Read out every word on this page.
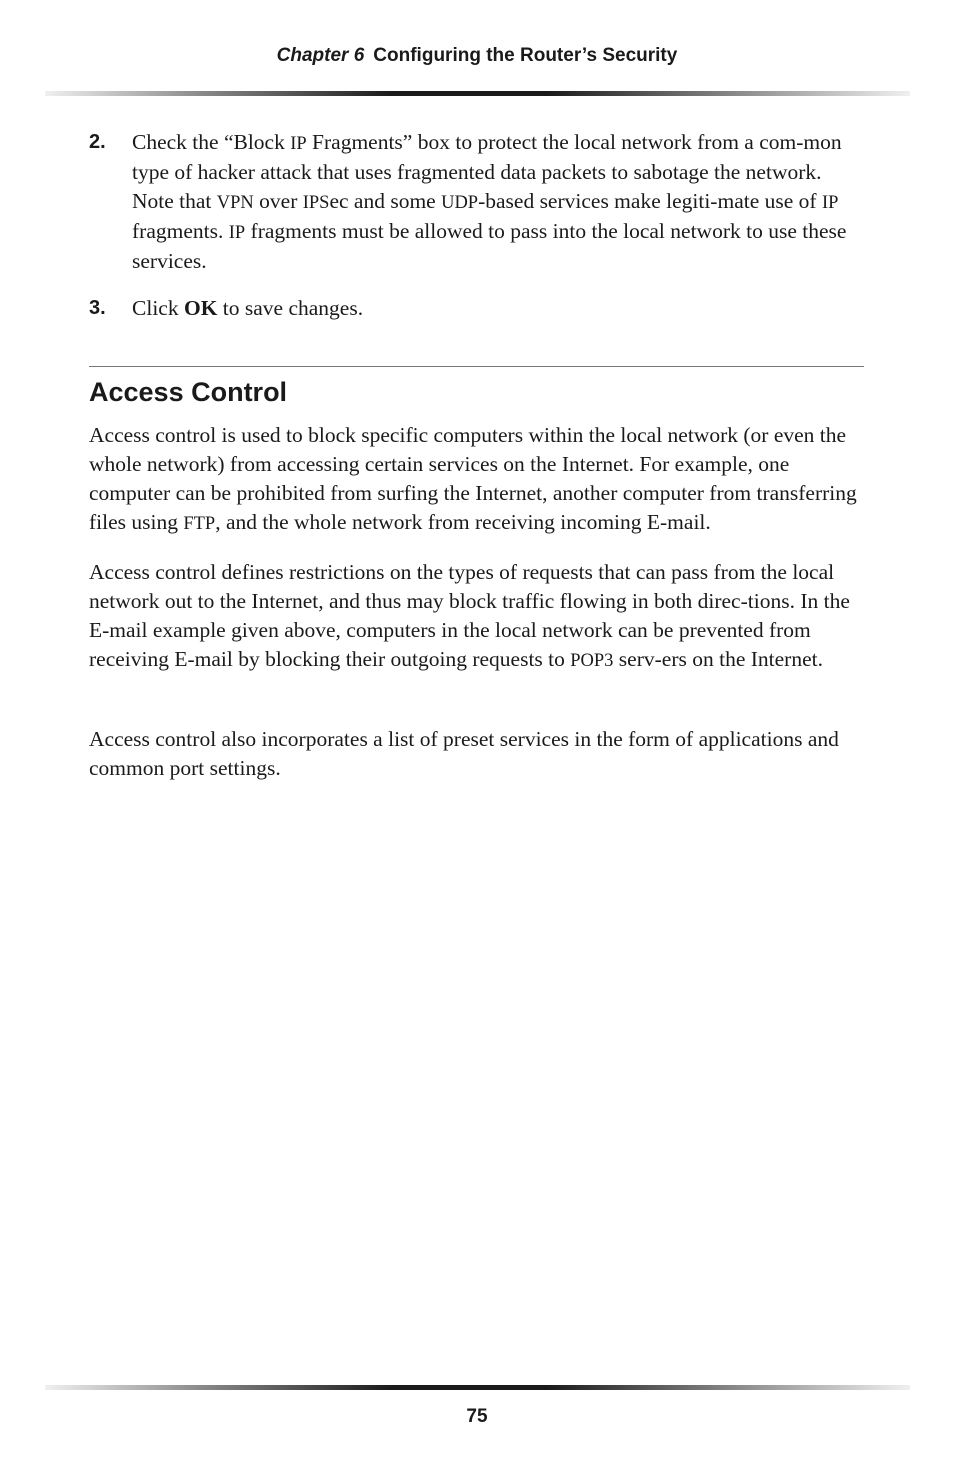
Chapter 6 Configuring the Router’s Security
2. Check the “Block IP Fragments” box to protect the local network from a com-mon type of hacker attack that uses fragmented data packets to sabotage the network. Note that VPN over IPSec and some UDP-based services make legiti-mate use of IP fragments. IP fragments must be allowed to pass into the local network to use these services.
3. Click OK to save changes.
Access Control

Access control is used to block specific computers within the local network (or even the whole network) from accessing certain services on the Internet. For example, one computer can be prohibited from surfing the Internet, another computer from transferring files using FTP, and the whole network from receiving incoming E-mail.

Access control defines restrictions on the types of requests that can pass from the local network out to the Internet, and thus may block traffic flowing in both direc-tions. In the E-mail example given above, computers in the local network can be prevented from receiving E-mail by blocking their outgoing requests to POP3 serv-ers on the Internet.

Access control also incorporates a list of preset services in the form of applications and common port settings.

75
